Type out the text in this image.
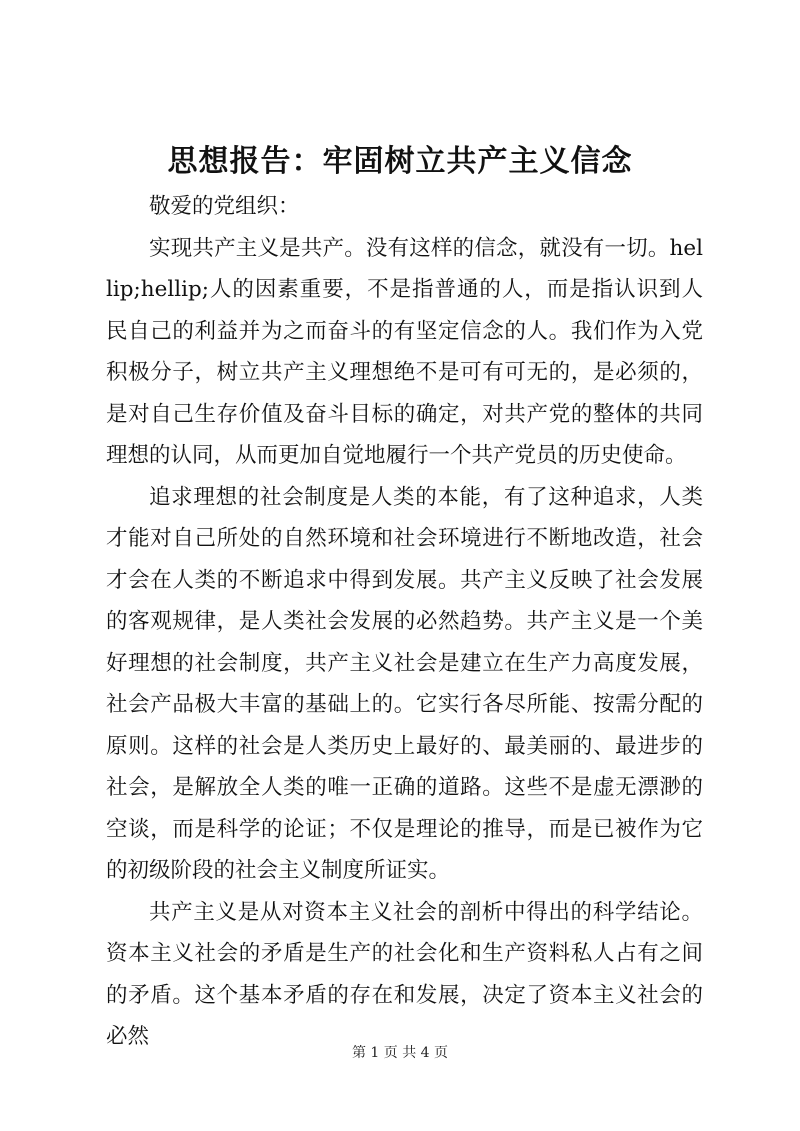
思想报告：牢固树立共产主义信念

敬爱的党组织：

实现共产主义是共产。没有这样的信念，就没有一切。hellip;hellip;人的因素重要，不是指普通的人，而是指认识到人民自己的利益并为之而奋斗的有坚定信念的人。我们作为入党积极分子，树立共产主义理想绝不是可有可无的，是必须的，是对自己生存价值及奋斗目标的确定，对共产党的整体的共同理想的认同，从而更加自觉地履行一个共产党员的历史使命。

追求理想的社会制度是人类的本能，有了这种追求，人类才能对自己所处的自然环境和社会环境进行不断地改造，社会才会在人类的不断追求中得到发展。共产主义反映了社会发展的客观规律，是人类社会发展的必然趋势。共产主义是一个美好理想的社会制度，共产主义社会是建立在生产力高度发展，社会产品极大丰富的基础上的。它实行各尽所能、按需分配的原则。这样的社会是人类历史上最好的、最美丽的、最进步的社会，是解放全人类的唯一正确的道路。这些不是虚无漂渺的空谈，而是科学的论证；不仅是理论的推导，而是已被作为它的初级阶段的社会主义制度所证实。

共产主义是从对资本主义社会的剖析中得出的科学结论。资本主义社会的矛盾是生产的社会化和生产资料私人占有之间的矛盾。这个基本矛盾的存在和发展，决定了资本主义社会的必然

第 1 页 共 4 页
